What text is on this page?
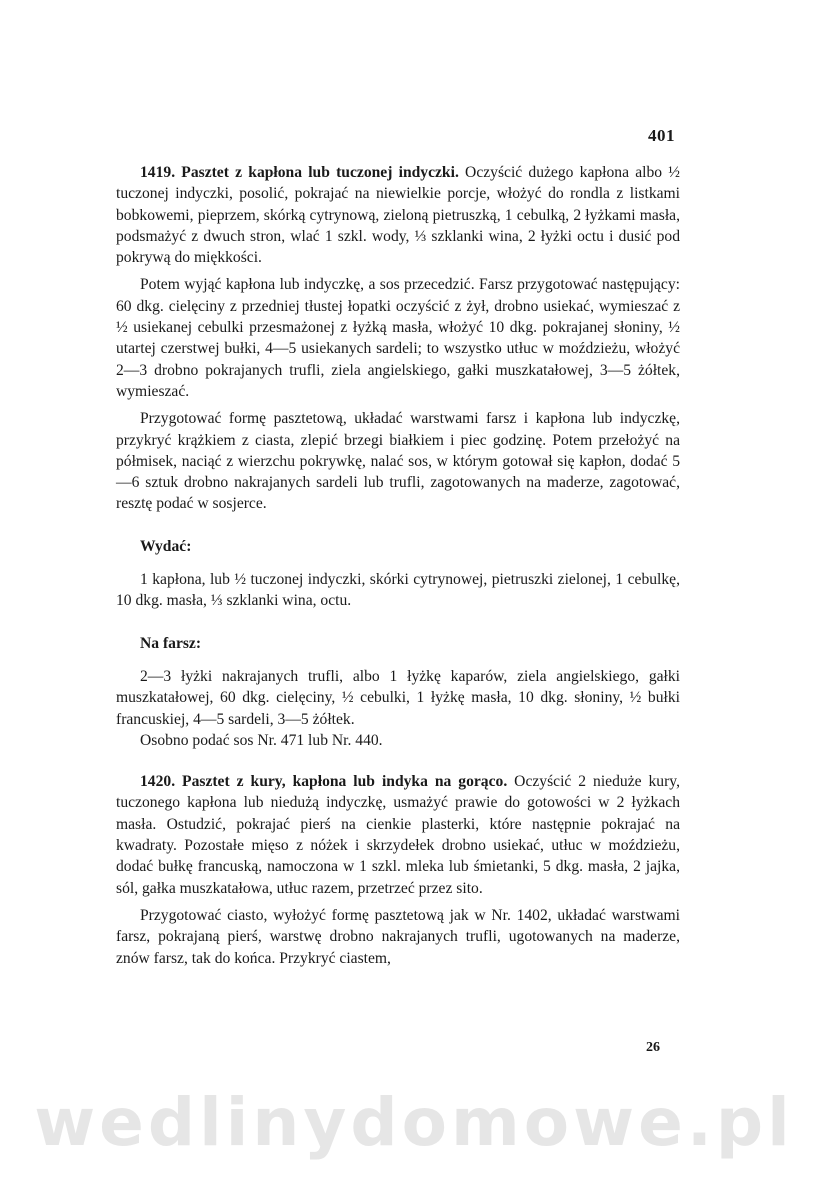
401

1419. Pasztet z kapłona lub tuczonej indyczki. Oczyścić dużego kapłona albo ½ tuczonej indyczki, posolić, pokrajać na niewielkie porcje, włożyć do rondla z listkami bobkowemi, pieprzem, skórką cytrynową, zieloną pietruszką, 1 cebulką, 2 łyżkami masła, podsmażyć z dwuch stron, wlać 1 szkl. wody, ⅓ szklanki wina, 2 łyżki octu i dusić pod pokrywą do miękkości.

Potem wyjąć kapłona lub indyczkę, a sos przecedzić. Farsz przygotować następujący: 60 dkg. cielęciny z przedniej tłustej łopatki oczyścić z żył, drobno usiekać, wymieszać z ½ usiekanej cebulki przesmażonej z łyżką masła, włożyć 10 dkg. pokrajanej słoniny, ½ utartej czerstwej bułki, 4—5 usiekanych sardeli; to wszystko utłuc w moździeżu, włożyć 2—3 drobno pokrajanych trufli, ziela angielskiego, gałki muszkatałowej, 3—5 żółtek, wymieszać.

Przygotować formę pasztetową, układać warstwami farsz i kapłona lub indyczkę, przykryć krążkiem z ciasta, zlepić brzegi białkiem i piec godzinę. Potem przełożyć na półmisek, naciąć z wierzchu pokrywkę, nalać sos, w którym gotował się kapłon, dodać 5—6 sztuk drobno nakrajanych sardeli lub trufli, zagotowanych na maderze, zagotować, resztę podać w sosjerce.

Wydać:

1 kapłona, lub ½ tuczonej indyczki, skórki cytrynowej, pietruszki zielonej, 1 cebulkę, 10 dkg. masła, ⅓ szklanki wina, octu.

Na farsz:

2—3 łyżki nakrajanych trufli, albo 1 łyżkę kaparów, ziela angielskiego, gałki muszkatałowej, 60 dkg. cielęciny, ½ cebulki, 1 łyżkę masła, 10 dkg. słoniny, ½ bułki francuskiej, 4—5 sardeli, 3—5 żółtek.

Osobno podać sos Nr. 471 lub Nr. 440.

1420. Pasztet z kury, kapłona lub indyka na gorąco. Oczyścić 2 nieduże kury, tuczonego kapłona lub niedużą indyczkę, usmażyć prawie do gotowości w 2 łyżkach masła. Ostudzić, pokrajać pierś na cienkie plasterki, które następnie pokrajać na kwadraty. Pozostałe mięso z nóżek i skrzydełek drobno usiekać, utłuc w moździeżu, dodać bułkę francuską, namoczona w 1 szkl. mleka lub śmietanki, 5 dkg. masła, 2 jajka, sól, gałka muszkatałowa, utłuc razem, przetrzeć przez sito.

Przygotować ciasto, wyłożyć formę pasztetową jak w Nr. 1402, układać warstwami farsz, pokrajaną pierś, warstwę drobno nakrajanych trufli, ugotowanych na maderze, znów farsz, tak do końca. Przykryć ciastem,

26
wedlinydomowe.pl
